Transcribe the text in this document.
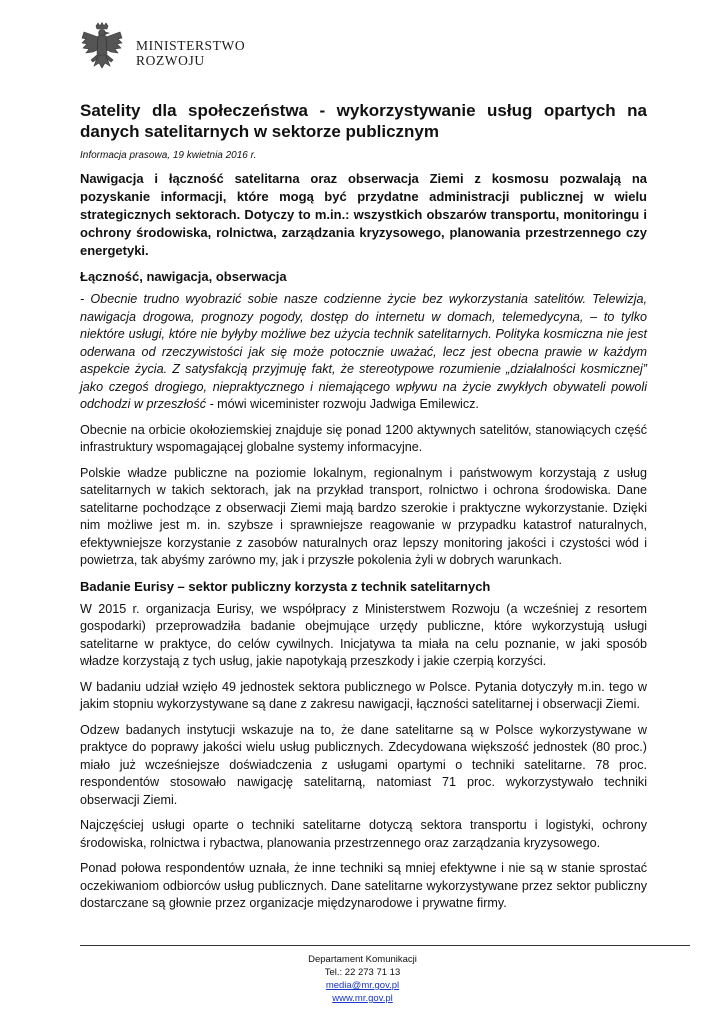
MINISTERSTWO
ROZWOJU
Satelity dla społeczeństwa - wykorzystywanie usług opartych na danych satelitarnych w sektorze publicznym
Informacja prasowa, 19 kwietnia 2016 r.
Nawigacja i łączność satelitarna oraz obserwacja Ziemi z kosmosu pozwalają na pozyskanie informacji, które mogą być przydatne administracji publicznej w wielu strategicznych sektorach. Dotyczy to m.in.: wszystkich obszarów transportu, monitoringu i ochrony środowiska, rolnictwa, zarządzania kryzysowego, planowania przestrzennego czy energetyki.
Łączność, nawigacja, obserwacja

- Obecnie trudno wyobrazić sobie nasze codzienne życie bez wykorzystania satelitów. Telewizja, nawigacja drogowa, prognozy pogody, dostęp do internetu w domach, telemedycyna, – to tylko niektóre usługi, które nie byłyby możliwe bez użycia technik satelitarnych. Polityka kosmiczna nie jest oderwana od rzeczywistości jak się może potocznie uważać, lecz jest obecna prawie w każdym aspekcie życia. Z satysfakcją przyjmuję fakt, że stereotypowe rozumienie „działalności kosmicznej” jako czegoś drogiego, niepraktycznego i niemającego wpływu na życie zwykłych obywateli powoli odchodzi w przeszłość - mówi wiceminister rozwoju Jadwiga Emilewicz.

Obecnie na orbicie okołoziemskiej znajduje się ponad 1200 aktywnych satelitów, stanowiących część infrastruktury wspomagającej globalne systemy informacyjne.

Polskie władze publiczne na poziomie lokalnym, regionalnym i państwowym korzystają z usług satelitarnych w takich sektorach, jak na przykład transport, rolnictwo i ochrona środowiska. Dane satelitarne pochodzące z obserwacji Ziemi mają bardzo szerokie i praktyczne wykorzystanie. Dzięki nim możliwe jest m. in. szybsze i sprawniejsze reagowanie w przypadku katastrof naturalnych, efektywniejsze korzystanie z zasobów naturalnych oraz lepszy monitoring jakości i czystości wód i powietrza, tak abyśmy zarówno my, jak i przyszłe pokolenia żyli w dobrych warunkach.

Badanie Eurisy – sektor publiczny korzysta z technik satelitarnych

W 2015 r. organizacja Eurisy, we współpracy z Ministerstwem Rozwoju (a wcześniej z resortem gospodarki) przeprowadziła badanie obejmujące urzędy publiczne, które wykorzystują usługi satelitarne w praktyce, do celów cywilnych. Inicjatywa ta miała na celu poznanie, w jaki sposób władze korzystają z tych usług, jakie napotykają przeszkody i jakie czerpią korzyści.

W badaniu udział wzięło 49 jednostek sektora publicznego w Polsce. Pytania dotyczyły m.in. tego w jakim stopniu wykorzystywane są dane z zakresu nawigacji, łączności satelitarnej i obserwacji Ziemi.

Odzew badanych instytucji wskazuje na to, że dane satelitarne są w Polsce wykorzystywane w praktyce do poprawy jakości wielu usług publicznych. Zdecydowana większość jednostek (80 proc.) miało już wcześniejsze doświadczenia z usługami opartymi o techniki satelitarne. 78 proc. respondentów stosowało nawigację satelitarną, natomiast 71 proc. wykorzystywało techniki obserwacji Ziemi.

Najczęściej usługi oparte o techniki satelitarne dotyczą sektora transportu i logistyki, ochrony środowiska, rolnictwa i rybactwa, planowania przestrzennego oraz zarządzania kryzysowego.

Ponad połowa respondentów uznała, że inne techniki są mniej efektywne i nie są w stanie sprostać oczekiwaniom odbiorców usług publicznych. Dane satelitarne wykorzystywane przez sektor publiczny dostarczane są głownie przez organizacje międzynarodowe i prywatne firmy.

Departament Komunikacji
Tel.: 22 273 71 13
media@mr.gov.pl
www.mr.gov.pl
